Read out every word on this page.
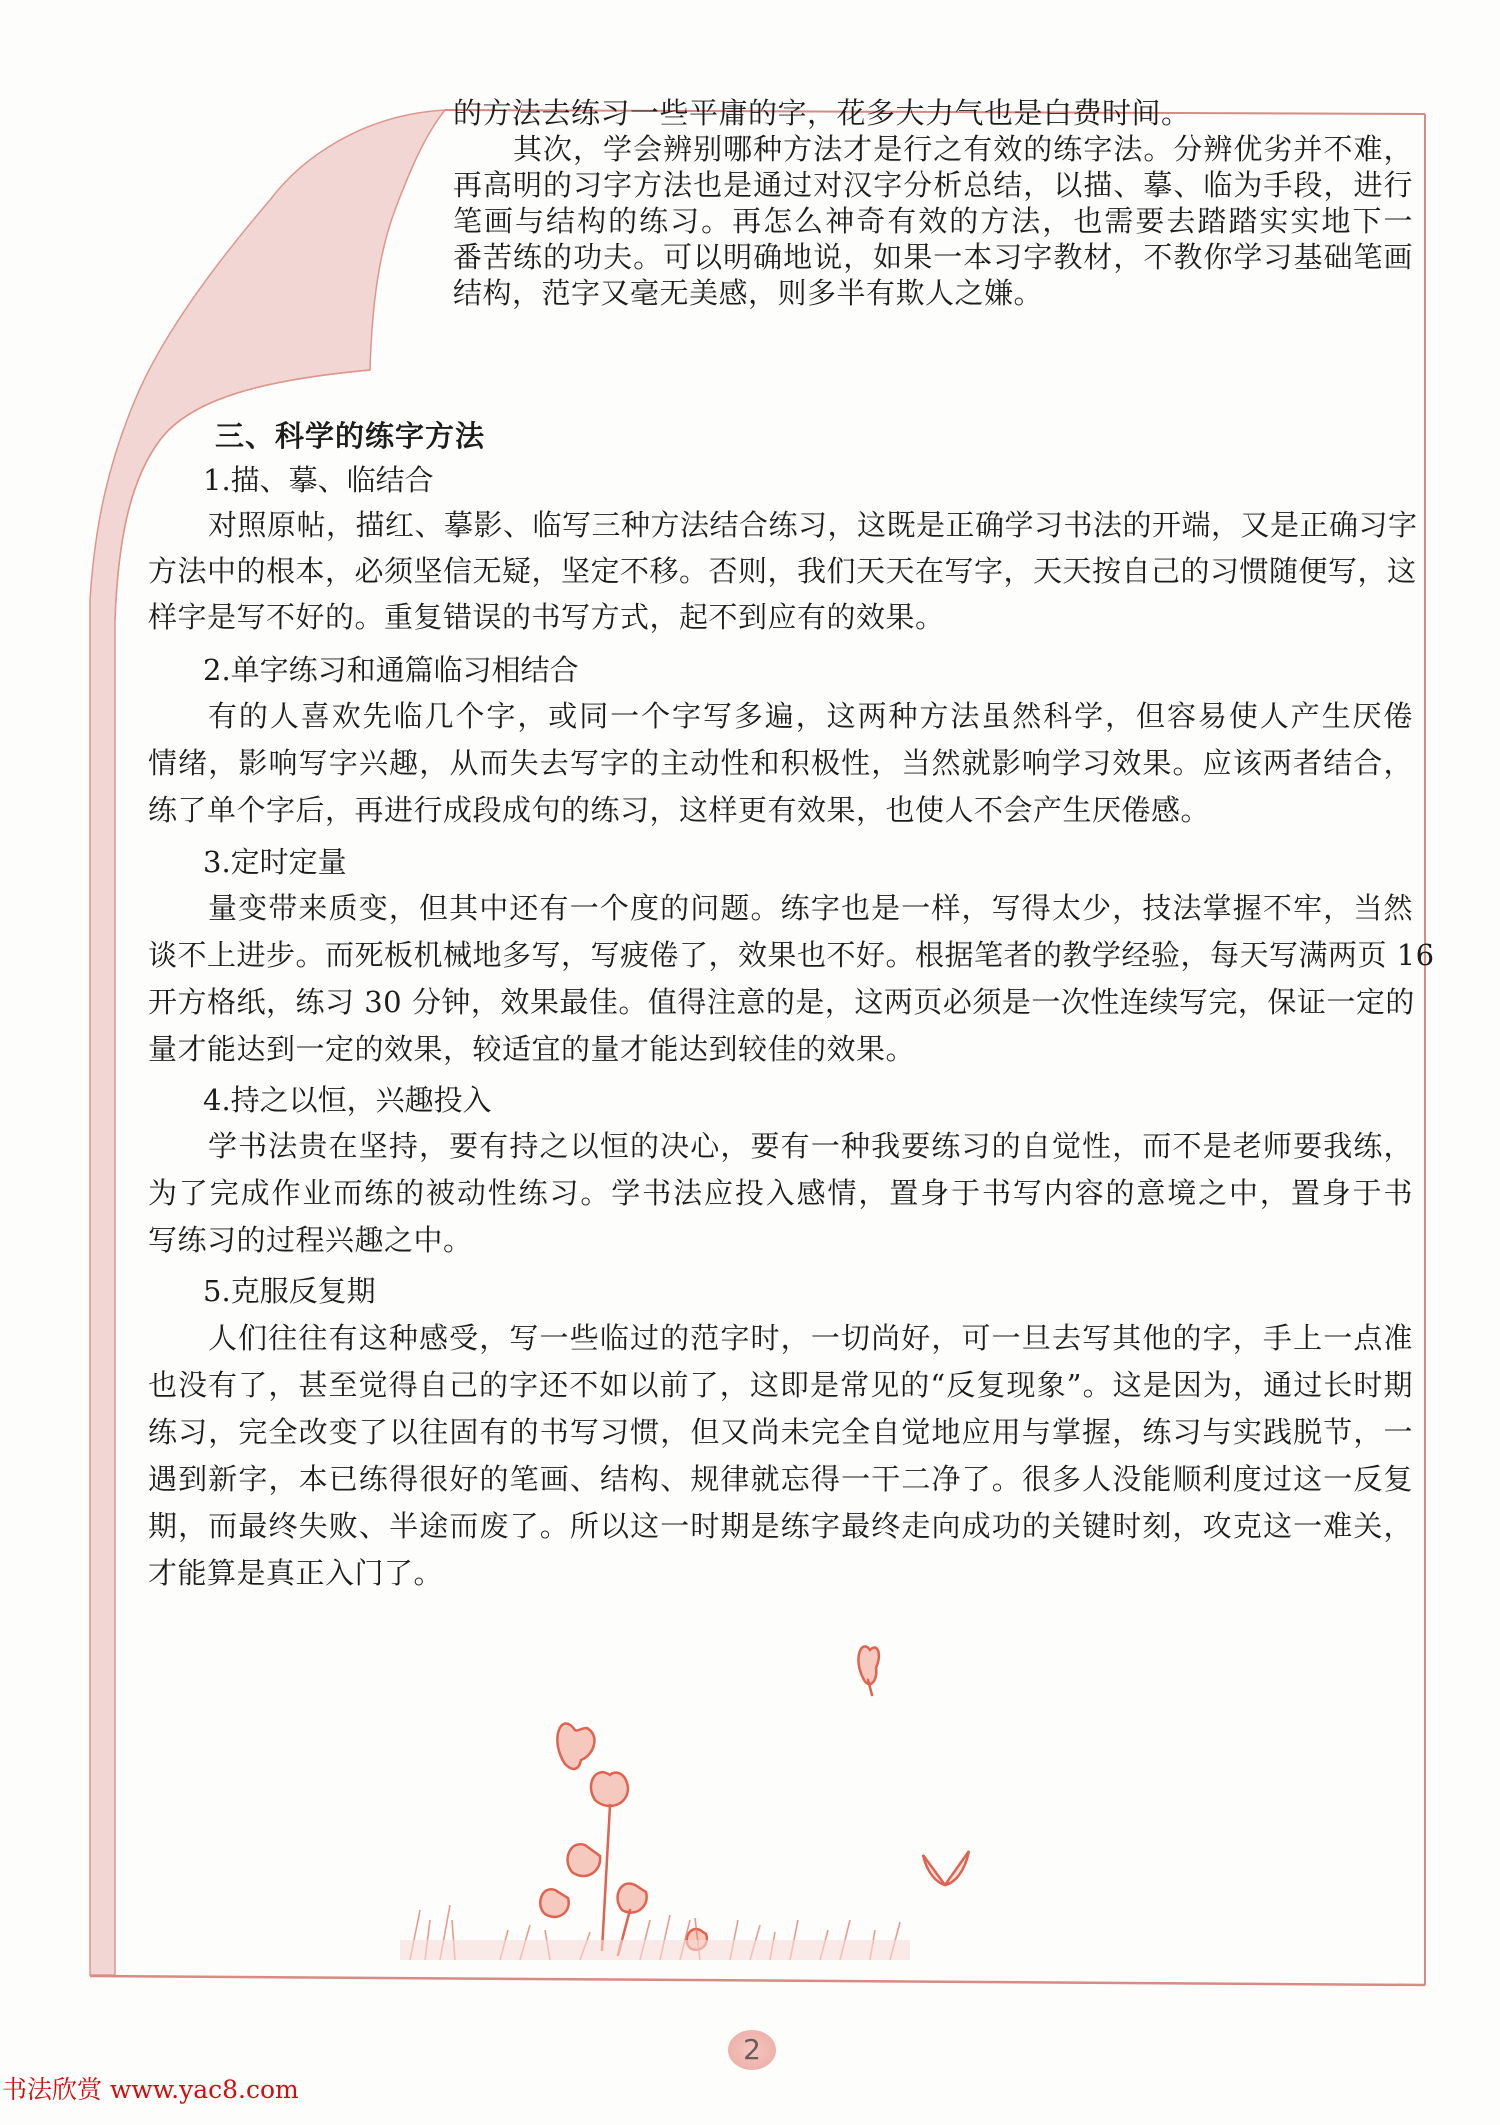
的方法去练习一些平庸的字，花多大力气也是白费时间。
其次，学会辨别哪种方法才是行之有效的练字法。分辨优劣并不难，
再高明的习字方法也是通过对汉字分析总结，以描、摹、临为手段，进行
笔画与结构的练习。再怎么神奇有效的方法，也需要去踏踏实实地下一
番苦练的功夫。可以明确地说，如果一本习字教材，不教你学习基础笔画
结构，范字又毫无美感，则多半有欺人之嫌。
三、科学的练字方法
1.描、摹、临结合
对照原帖，描红、摹影、临写三种方法结合练习，这既是正确学习书法的开端，又是正确习字
方法中的根本，必须坚信无疑，坚定不移。否则，我们天天在写字，天天按自己的习惯随便写，这
样字是写不好的。重复错误的书写方式，起不到应有的效果。
2.单字练习和通篇临习相结合
有的人喜欢先临几个字，或同一个字写多遍，这两种方法虽然科学，但容易使人产生厌倦
情绪，影响写字兴趣，从而失去写字的主动性和积极性，当然就影响学习效果。应该两者结合，
练了单个字后，再进行成段成句的练习，这样更有效果，也使人不会产生厌倦感。
3.定时定量
量变带来质变，但其中还有一个度的问题。练字也是一样，写得太少，技法掌握不牢，当然
谈不上进步。而死板机械地多写，写疲倦了，效果也不好。根据笔者的教学经验，每天写满两页 16
开方格纸，练习 30 分钟，效果最佳。值得注意的是，这两页必须是一次性连续写完，保证一定的
量才能达到一定的效果，较适宜的量才能达到较佳的效果。
4.持之以恒，兴趣投入
学书法贵在坚持，要有持之以恒的决心，要有一种我要练习的自觉性，而不是老师要我练，
为了完成作业而练的被动性练习。学书法应投入感情，置身于书写内容的意境之中，置身于书
写练习的过程兴趣之中。
5.克服反复期
人们往往有这种感受，写一些临过的范字时，一切尚好，可一旦去写其他的字，手上一点准
也没有了，甚至觉得自己的字还不如以前了，这即是常见的“反复现象”。这是因为，通过长时期
练习，完全改变了以往固有的书写习惯，但又尚未完全自觉地应用与掌握，练习与实践脱节，一
遇到新字，本已练得很好的笔画、结构、规律就忘得一干二净了。很多人没能顺利度过这一反复
期，而最终失败、半途而废了。所以这一时期是练字最终走向成功的关键时刻，攻克这一难关，
才能算是真正入门了。
2
书法欣赏 www.yac8.com
